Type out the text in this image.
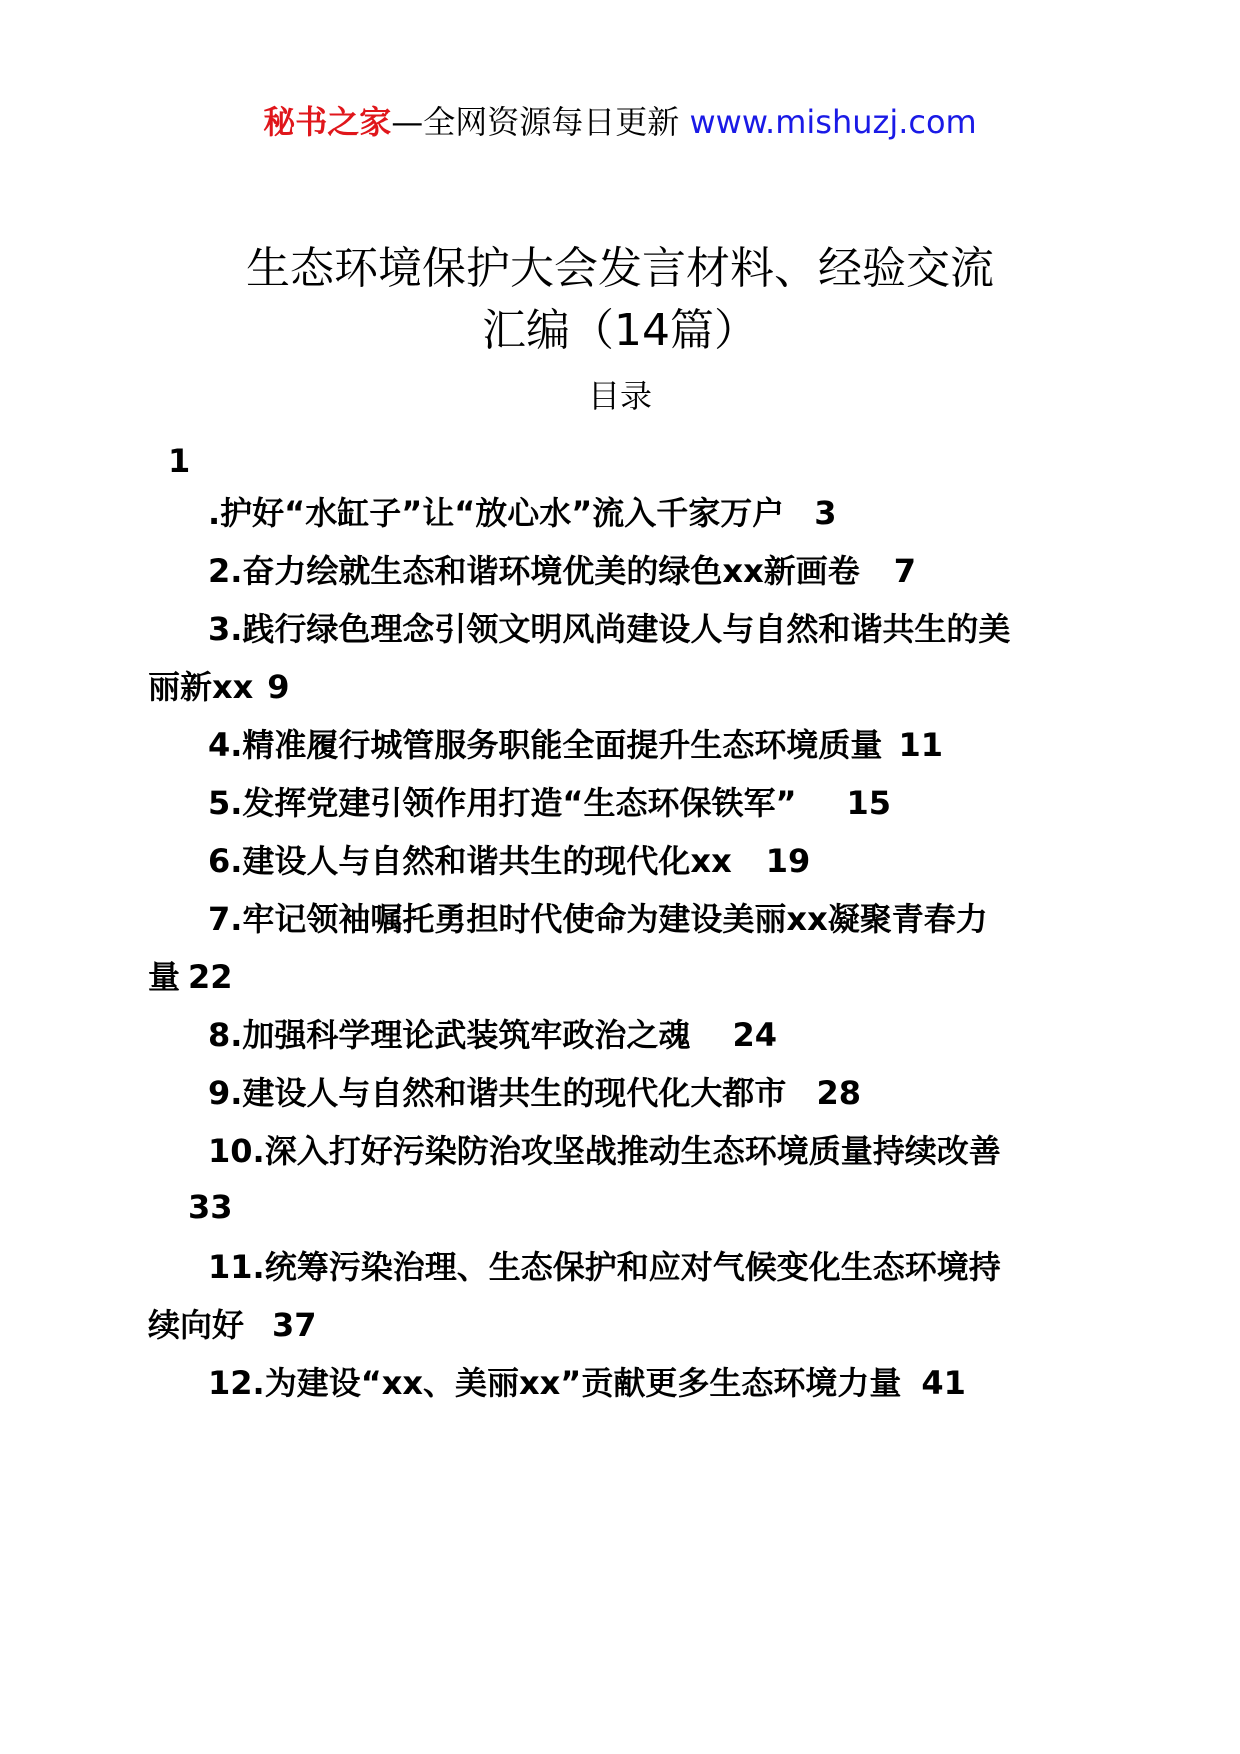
秘书之家—全网资源每日更新 www.mishuzj.com
生态环境保护大会发言材料、经验交流
汇编（14篇）
目录
1
.护好“水缸子”让“放心水”流入千家万户 3
2.奋力绘就生态和谐环境优美的绿色xx新画卷 7
3.践行绿色理念引领文明风尚建设人与自然和谐共生的美
丽新xx 9
4.精准履行城管服务职能全面提升生态环境质量 11
5.发挥党建引领作用打造“生态环保铁军” 15
6.建设人与自然和谐共生的现代化xx 19
7.牢记领袖嘱托勇担时代使命为建设美丽xx凝聚青春力
量 22
8.加强科学理论武装筑牢政治之魂 24
9.建设人与自然和谐共生的现代化大都市 28
10.深入打好污染防治攻坚战推动生态环境质量持续改善
33
11.统筹污染治理、生态保护和应对气候变化生态环境持
续向好 37
12.为建设“xx、美丽xx”贡献更多生态环境力量 41
